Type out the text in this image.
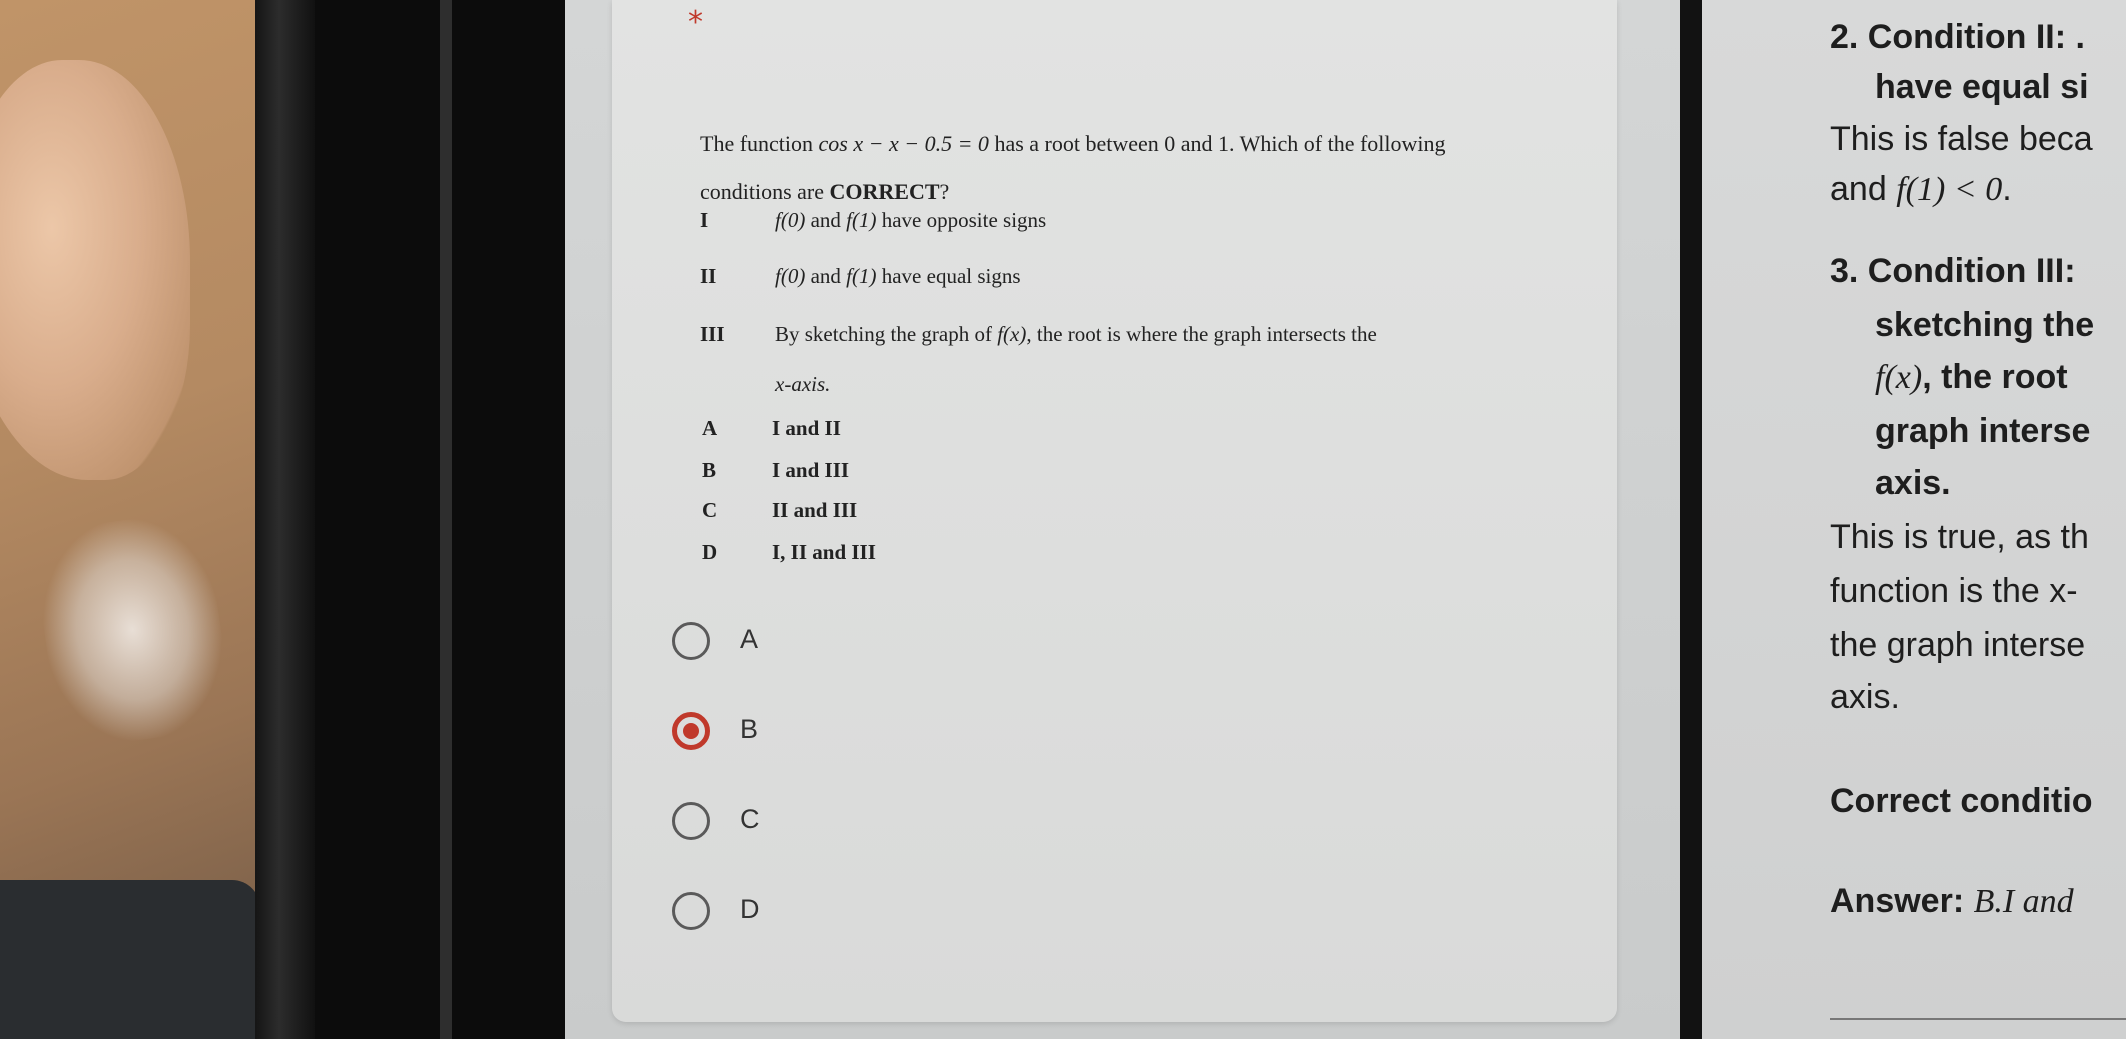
*
The function cos x − x − 0.5 = 0 has a root between 0 and 1. Which of the following
conditions are CORRECT?
I	f(0) and f(1) have opposite signs
II	f(0) and f(1) have equal signs
III By sketching the graph of f(x), the root is where the graph intersects the
x-axis.
A	I and II
B	I and III
C	II and III
D	I, II and III
A
B
C
D
2. Condition II: .
have equal si
This is false beca
and f(1) < 0.
3. Condition III:
sketching the
f(x), the root
graph interse
axis.
This is true, as th
function is the x-
the graph interse
axis.
Correct conditio
Answer: B.I and
